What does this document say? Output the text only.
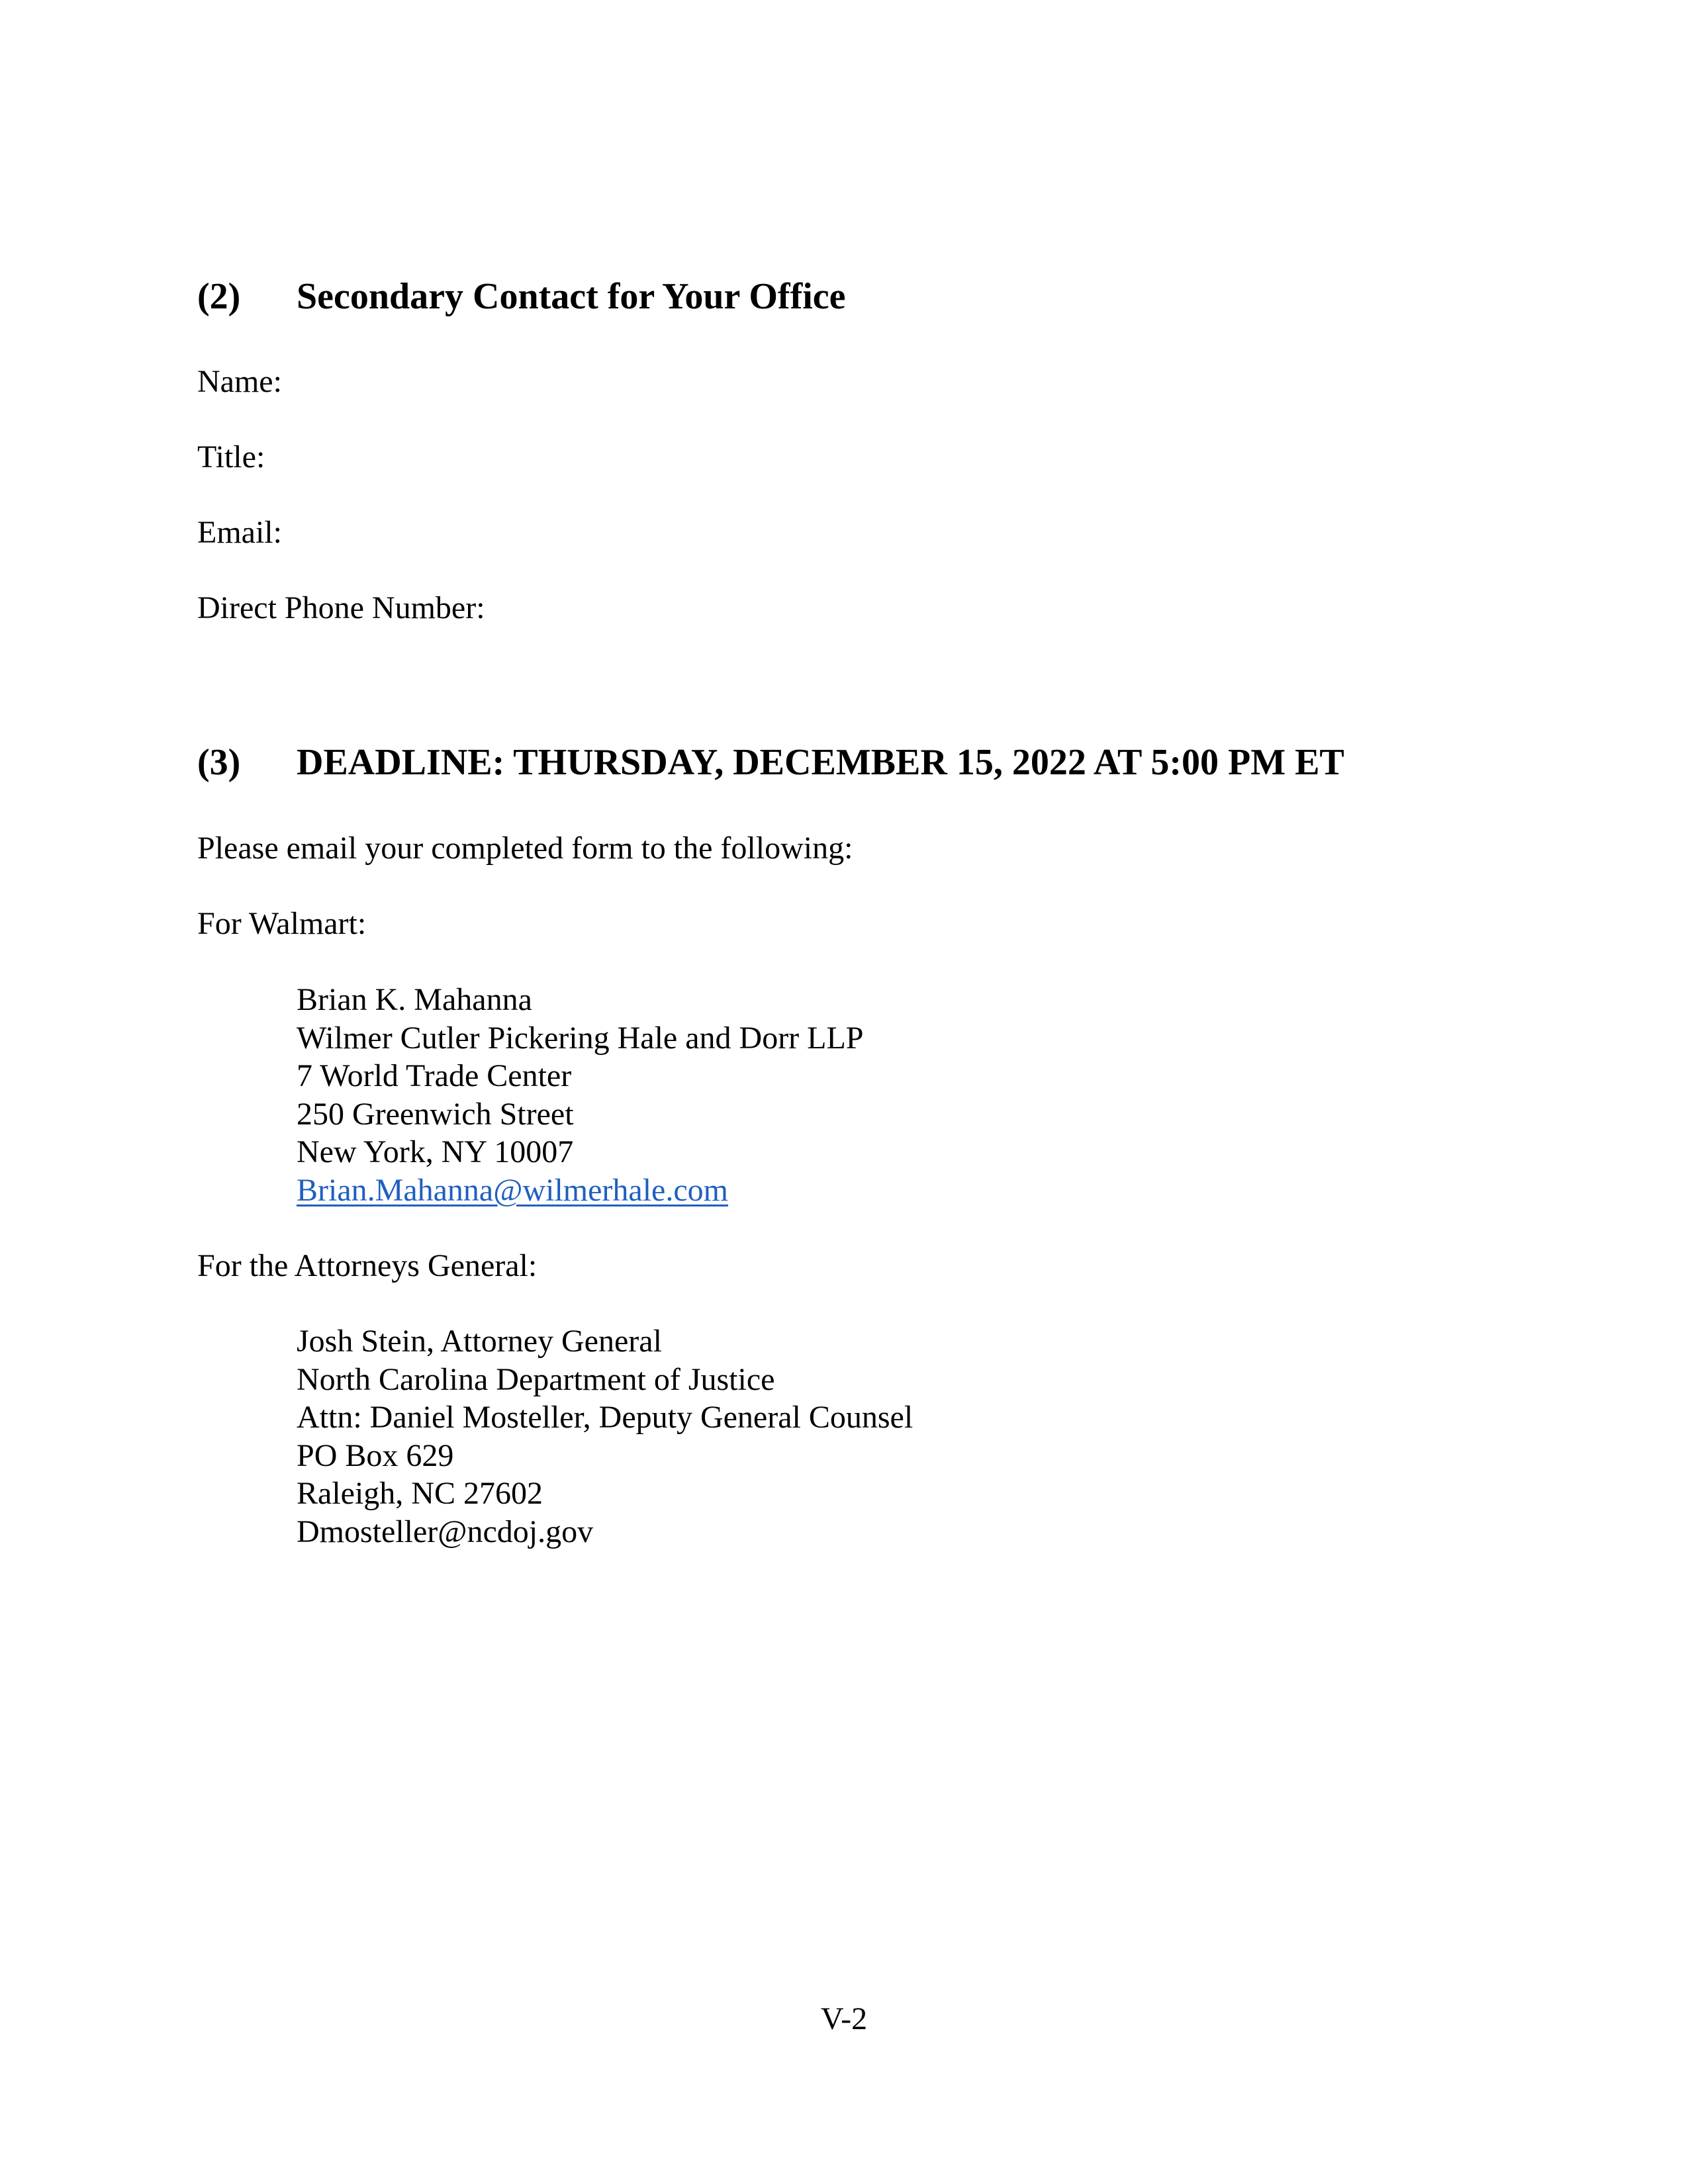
(2) Secondary Contact for Your Office
Name:
Title:
Email:
Direct Phone Number:
(3) DEADLINE: THURSDAY, DECEMBER 15, 2022 AT 5:00 PM ET
Please email your completed form to the following:
For Walmart:
Brian K. Mahanna
Wilmer Cutler Pickering Hale and Dorr LLP
7 World Trade Center
250 Greenwich Street
New York, NY 10007
Brian.Mahanna@wilmerhale.com
For the Attorneys General:
Josh Stein, Attorney General
North Carolina Department of Justice
Attn: Daniel Mosteller, Deputy General Counsel
PO Box 629
Raleigh, NC 27602
Dmosteller@ncdoj.gov
V-2
